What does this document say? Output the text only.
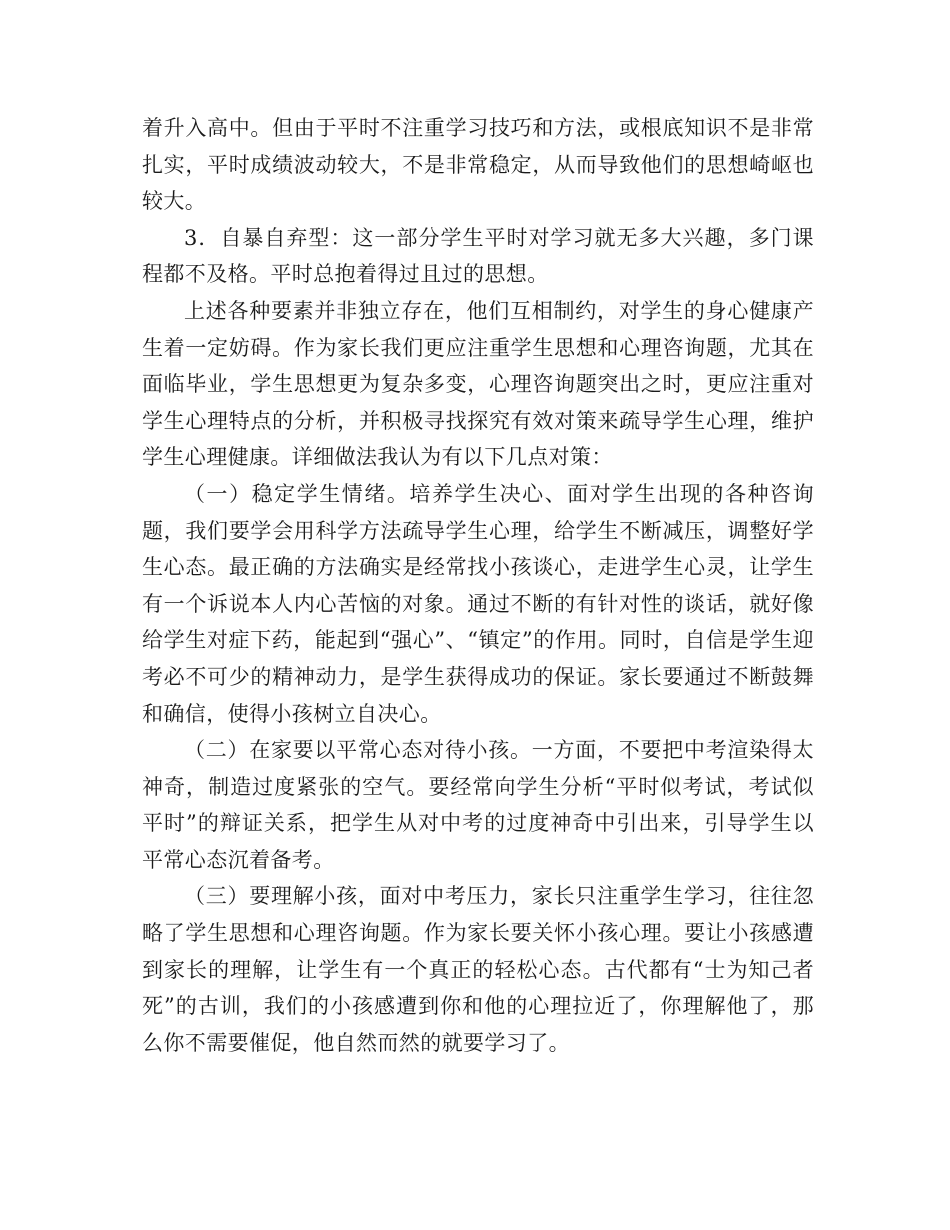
着升入高中。但由于平时不注重学习技巧和方法，或根底知识不是非常扎实，平时成绩波动较大，不是非常稳定，从而导致他们的思想崎岖也较大。

3．自暴自弃型：这一部分学生平时对学习就无多大兴趣，多门课程都不及格。平时总抱着得过且过的思想。

上述各种要素并非独立存在，他们互相制约，对学生的身心健康产生着一定妨碍。作为家长我们更应注重学生思想和心理咨询题，尤其在面临毕业，学生思想更为复杂多变，心理咨询题突出之时，更应注重对学生心理特点的分析，并积极寻找探究有效对策来疏导学生心理，维护学生心理健康。详细做法我认为有以下几点对策：

（一）稳定学生情绪。培养学生决心、面对学生出现的各种咨询题，我们要学会用科学方法疏导学生心理，给学生不断减压，调整好学生心态。最正确的方法确实是经常找小孩谈心，走进学生心灵，让学生有一个诉说本人内心苦恼的对象。通过不断的有针对性的谈话，就好像给学生对症下药，能起到“强心”、“镇定”的作用。同时，自信是学生迎考必不可少的精神动力，是学生获得成功的保证。家长要通过不断鼓舞和确信，使得小孩树立自决心。

（二）在家要以平常心态对待小孩。一方面，不要把中考渲染得太神奇，制造过度紧张的空气。要经常向学生分析“平时似考试，考试似平时”的辩证关系，把学生从对中考的过度神奇中引出来，引导学生以平常心态沉着备考。

（三）要理解小孩，面对中考压力，家长只注重学生学习，往往忽略了学生思想和心理咨询题。作为家长要关怀小孩心理。要让小孩感遭到家长的理解，让学生有一个真正的轻松心态。古代都有“士为知己者死”的古训，我们的小孩感遭到你和他的心理拉近了，你理解他了，那么你不需要催促，他自然而然的就要学习了。
